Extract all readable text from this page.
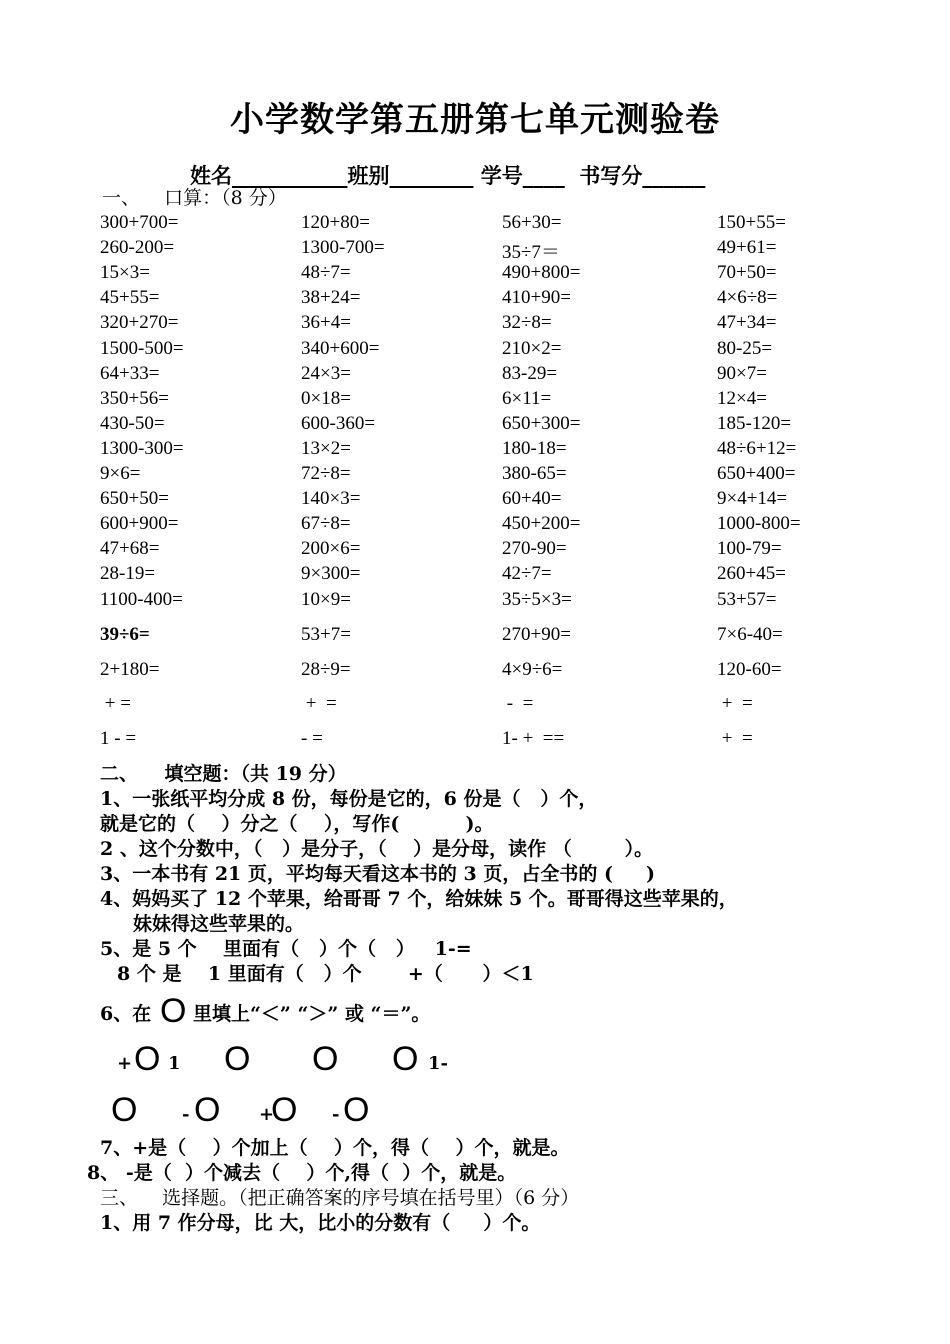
小学数学第五册第七单元测验卷
姓名___________班别________ 学号____  书写分______
一、    口算：（8 分）
300+700=	120+80=	56+30=	150+55=
260-200=	1300-700=	35÷7＝	49+61=
15×3=	48÷7=	490+800=	70+50=
45+55=	38+24=	410+90=	4×6÷8=
320+270=	36+4=	32÷8=	47+34=
1500-500=	340+600=	210×2=	80-25=
64+33=	24×3=	83-29=	90×7=
350+56=	0×18=	6×11=	12×4=
430-50=	600-360=	650+300=	185-120=
1300-300=	13×2=	180-18=	48÷6+12=
9×6=	72÷8=	380-65=	650+400=
650+50=	140×3=	60+40=	9×4+14=
600+900=	67÷8=	450+200=	1000-800=
47+68=	200×6=	270-90=	100-79=
28-19=	9×300=	42÷7=	260+45=
1100-400=	10×9=	35÷5×3=	53+57=
39÷6=	53+7=	270+90=	7×6-40=
2+180=	28÷9=	4×9÷6=	120-60=
+ =	+  =	-  =	+  =
1 - =	- =	1- +  ==	+  =
二、    填空题：（共 19 分）
1、一张纸平均分成 8 份，每份是它的，6 份是（   ）个，
就是它的（    ）分之（    ），写作(          )。
2 、这个分数中，（   ）是分子，（    ）是分母，读作 （        ）。
3、一本书有 21 页，平均每天看这本书的 3 页，占全书的 (     )
4、妈妈买了 12 个苹果，给哥哥 7 个，给妹妹 5 个。哥哥得这些苹果的，
妹妹得这些苹果的。
5、是 5 个    里面有（   ）个（   ）   1-=
8 个 是    1 里面有（   ）个       +（      ）＜1
6、在 O 里填上“＜” “＞” 或 “＝”。
+ O 1 O O O 1-
O - O +
O - O
7、+是（    ）个加上（    ）个，得（    ）个，就是。
8、 -是（  ）个减去（    ）个,得（  ）个，就是。
三、    选择题。（把正确答案的序号填在括号里）（6 分）
1、用 7 作分母，比 大，比小的分数有（     ）个。
